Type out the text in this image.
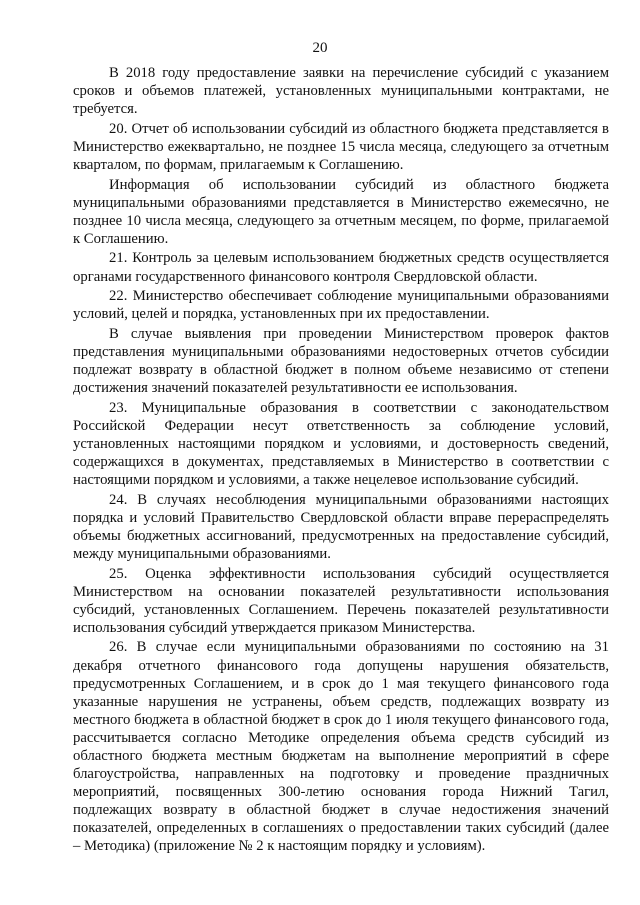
20

В 2018 году предоставление заявки на перечисление субсидий с указанием сроков и объемов платежей, установленных муниципальными контрактами, не требуется.

20. Отчет об использовании субсидий из областного бюджета представляется в Министерство ежеквартально, не позднее 15 числа месяца, следующего за отчетным кварталом, по формам, прилагаемым к Соглашению.

Информация об использовании субсидий из областного бюджета муниципальными образованиями представляется в Министерство ежемесячно, не позднее 10 числа месяца, следующего за отчетным месяцем, по форме, прилагаемой к Соглашению.

21. Контроль за целевым использованием бюджетных средств осуществляется органами государственного финансового контроля Свердловской области.

22. Министерство обеспечивает соблюдение муниципальными образованиями условий, целей и порядка, установленных при их предоставлении.

В случае выявления при проведении Министерством проверок фактов представления муниципальными образованиями недостоверных отчетов субсидии подлежат возврату в областной бюджет в полном объеме независимо от степени достижения значений показателей результативности ее использования.

23. Муниципальные образования в соответствии с законодательством Российской Федерации несут ответственность за соблюдение условий, установленных настоящими порядком и условиями, и достоверность сведений, содержащихся в документах, представляемых в Министерство в соответствии с настоящими порядком и условиями, а также нецелевое использование субсидий.

24. В случаях несоблюдения муниципальными образованиями настоящих порядка и условий Правительство Свердловской области вправе перераспределять объемы бюджетных ассигнований, предусмотренных на предоставление субсидий, между муниципальными образованиями.

25. Оценка эффективности использования субсидий осуществляется Министерством на основании показателей результативности использования субсидий, установленных Соглашением. Перечень показателей результативности использования субсидий утверждается приказом Министерства.

26. В случае если муниципальными образованиями по состоянию на 31 декабря отчетного финансового года допущены нарушения обязательств, предусмотренных Соглашением, и в срок до 1 мая текущего финансового года указанные нарушения не устранены, объем средств, подлежащих возврату из местного бюджета в областной бюджет в срок до 1 июля текущего финансового года, рассчитывается согласно Методике определения объема средств субсидий из областного бюджета местным бюджетам на выполнение мероприятий в сфере благоустройства, направленных на подготовку и проведение праздничных мероприятий, посвященных 300-летию основания города Нижний Тагил, подлежащих возврату в областной бюджет в случае недостижения значений показателей, определенных в соглашениях о предоставлении таких субсидий (далее – Методика) (приложение № 2 к настоящим порядку и условиям).
